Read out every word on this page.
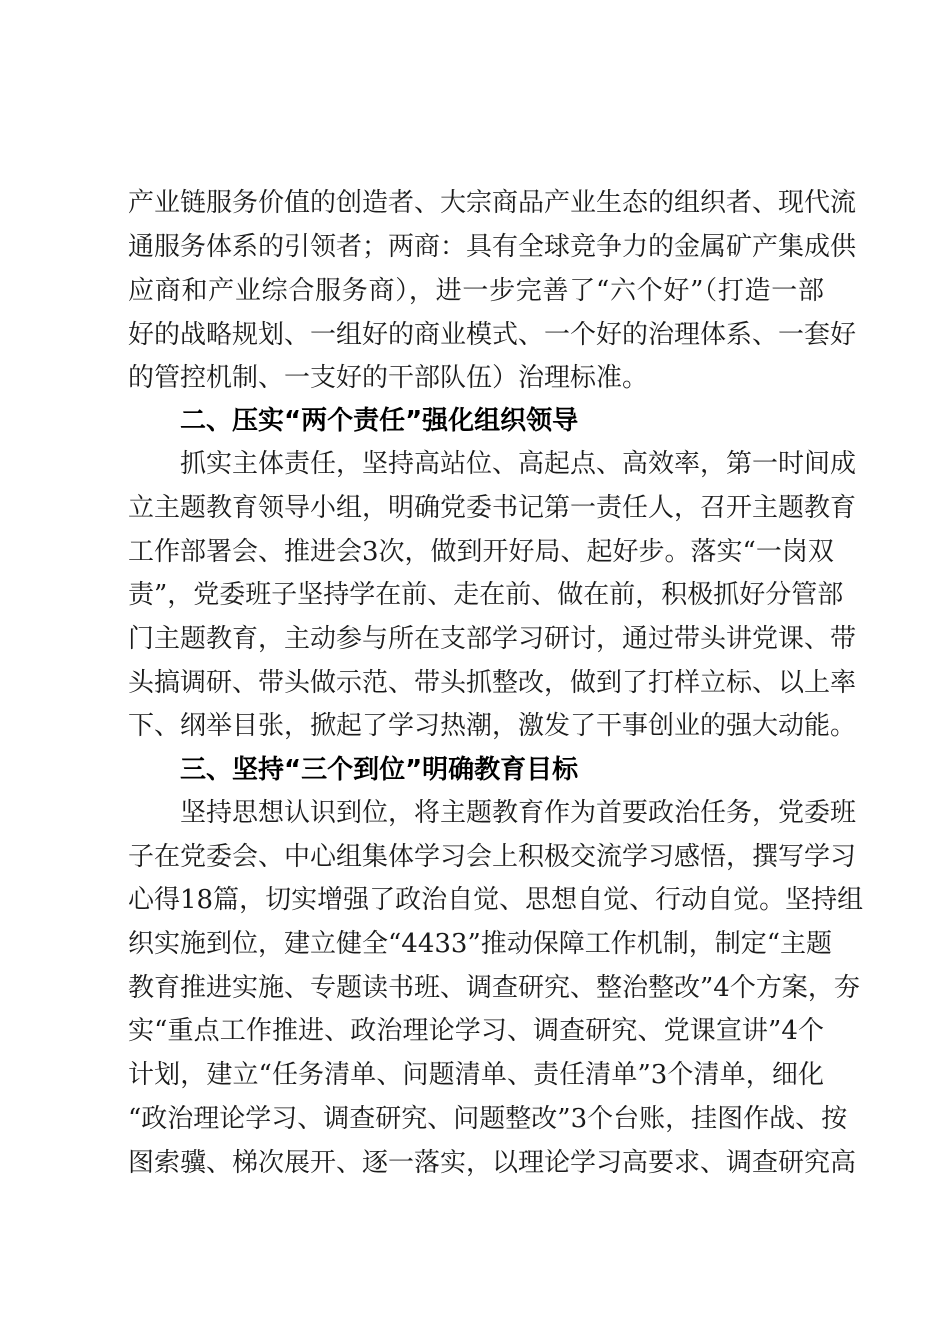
产业链服务价值的创造者、大宗商品产业生态的组织者、现代流
通服务体系的引领者；两商：具有全球竞争力的金属矿产集成供
应商和产业综合服务商），进一步完善了“六个好”（打造一部
好的战略规划、一组好的商业模式、一个好的治理体系、一套好
的管控机制、一支好的干部队伍）治理标准。
二、压实“两个责任”强化组织领导
抓实主体责任，坚持高站位、高起点、高效率，第一时间成
立主题教育领导小组，明确党委书记第一责任人，召开主题教育
工作部署会、推进会3次，做到开好局、起好步。落实“一岗双
责”，党委班子坚持学在前、走在前、做在前，积极抓好分管部
门主题教育，主动参与所在支部学习研讨，通过带头讲党课、带
头搞调研、带头做示范、带头抓整改，做到了打样立标、以上率
下、纲举目张，掀起了学习热潮，激发了干事创业的强大动能。
三、坚持“三个到位”明确教育目标
坚持思想认识到位，将主题教育作为首要政治任务，党委班
子在党委会、中心组集体学习会上积极交流学习感悟，撰写学习
心得18篇，切实增强了政治自觉、思想自觉、行动自觉。坚持组
织实施到位，建立健全“4433”推动保障工作机制，制定“主题
教育推进实施、专题读书班、调查研究、整治整改”4个方案，夯
实“重点工作推进、政治理论学习、调查研究、党课宣讲”4个
计划，建立“任务清单、问题清单、责任清单”3个清单，细化
“政治理论学习、调查研究、问题整改”3个台账，挂图作战、按
图索骥、梯次展开、逐一落实，以理论学习高要求、调查研究高
